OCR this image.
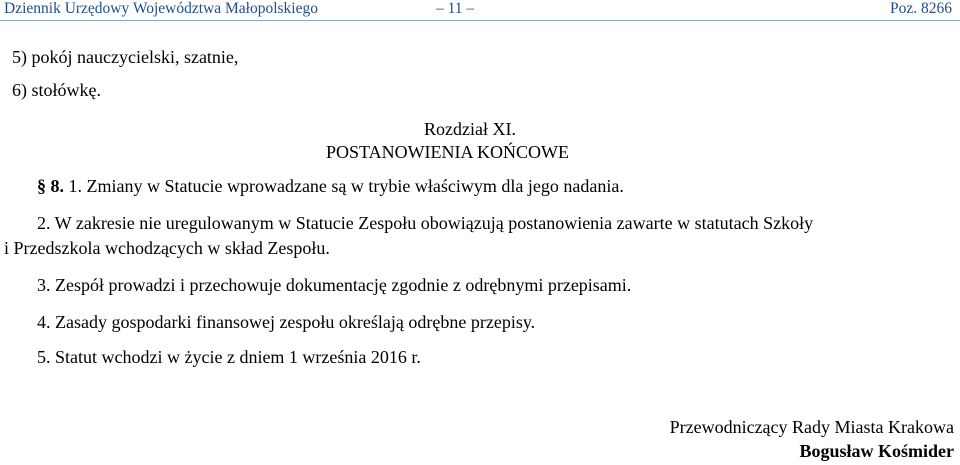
Dziennik Urzędowy Województwa Małopolskiego	– 11 –	Poz. 8266
5) pokój nauczycielski, szatnie,
6) stołówkę.
Rozdział XI.
POSTANOWIENIA KOŃCOWE
§ 8. 1. Zmiany w Statucie wprowadzane są w trybie właściwym dla jego nadania.
2. W zakresie nie uregulowanym w Statucie Zespołu obowiązują postanowienia zawarte w statutach Szkoły
i Przedszkola wchodzących w skład Zespołu.
3. Zespół prowadzi i przechowuje dokumentację zgodnie z odrębnymi przepisami.
4. Zasady gospodarki finansowej zespołu określają odrębne przepisy.
5. Statut wchodzi w życie z dniem 1 września 2016 r.
Przewodniczący Rady Miasta Krakowa
Bogusław Kośmider
